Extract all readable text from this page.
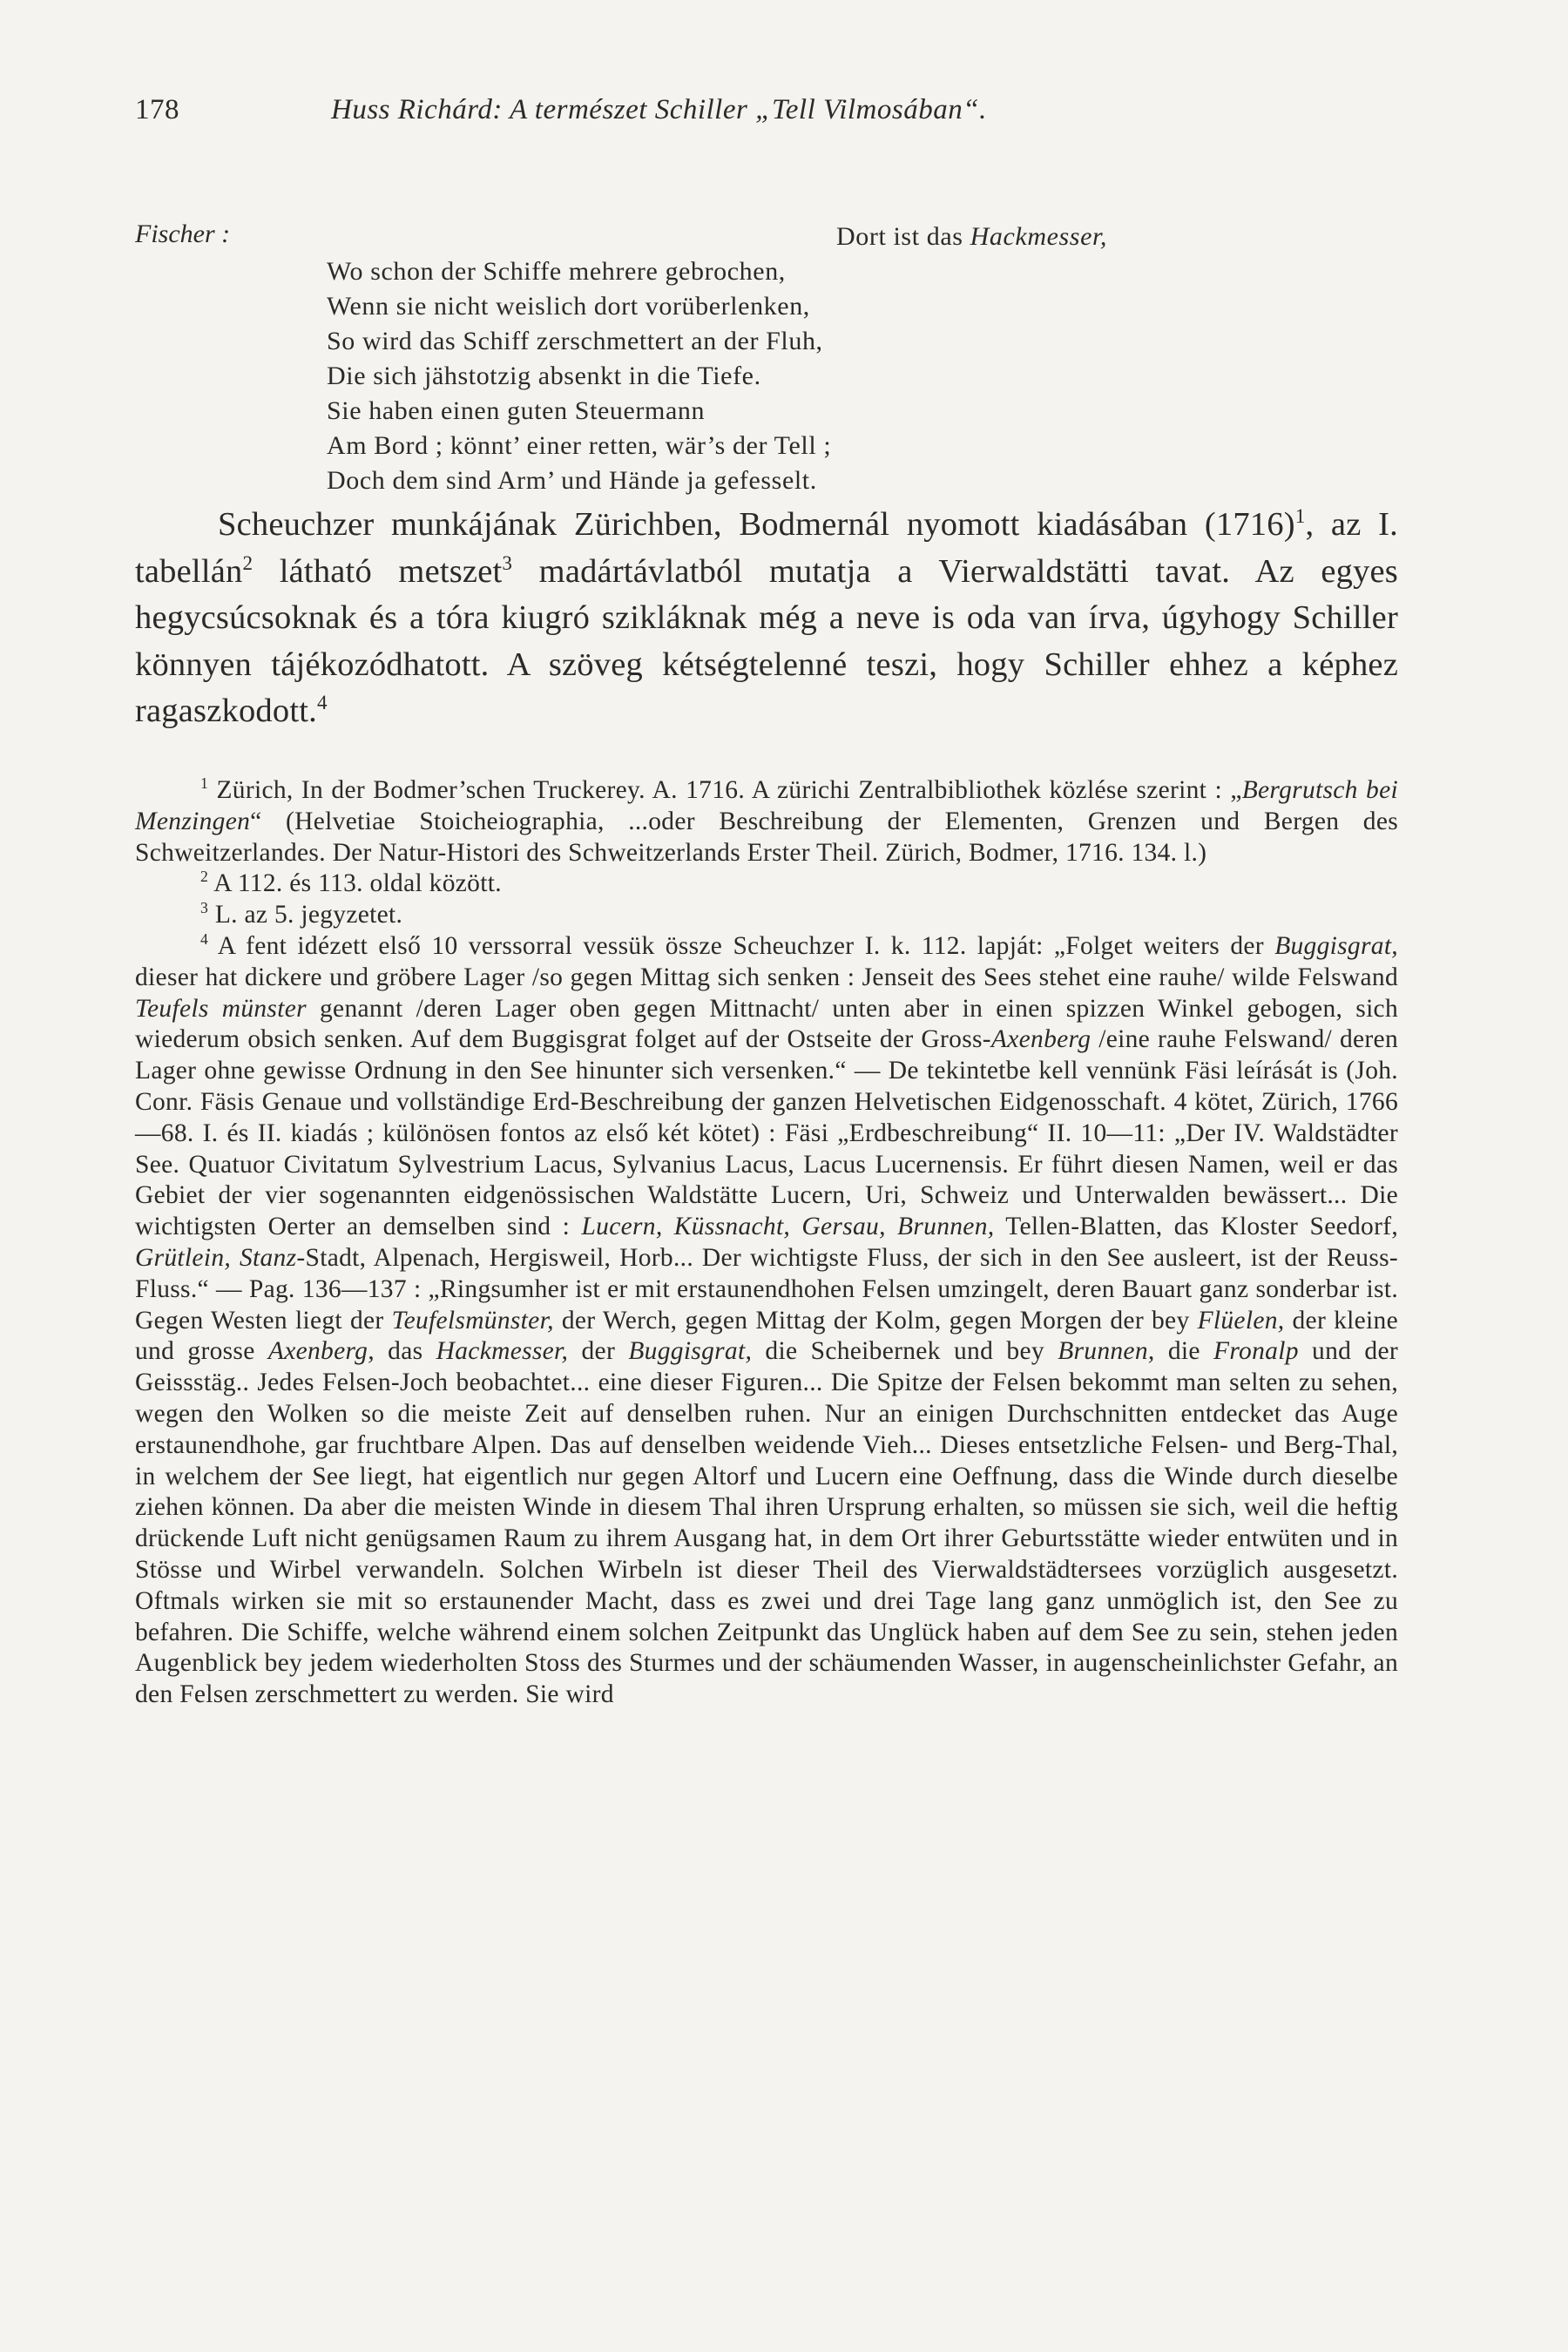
178	Huss Richárd: A természet Schiller „Tell Vilmosában“.
Fischer :	Dort ist das Hackmesser,
Wo schon der Schiffe mehrere gebrochen,
Wenn sie nicht weislich dort vorüberlenken,
So wird das Schiff zerschmettert an der Fluh,
Die sich jähstotzig absenkt in die Tiefe.
Sie haben einen guten Steuermann
Am Bord ; könnt’ einer retten, wär’s der Tell ;
Doch dem sind Arm’ und Hände ja gefesselt.
Scheuchzer munkájának Zürichben, Bodmernál nyomott kiadásában $(1716)^1$, az I. tabellán$^2$ látható metszet$^3$ madártávlatból mutatja a Vierwaldstätti tavat. Az egyes hegycsúcsoknak és a tóra kiugró szikláknak még a neve is oda van írva, úgyhogy Schiller könnyen tájékozódhatott. A szöveg kétségtelenné teszi, hogy Schiller ehhez a képhez ragaszkodott.$^4$

$^1$ Zürich, In der Bodmer’schen Truckerey. A. 1716. A zürichi Zentralbibliothek közlése szerint : „Bergrutsch bei Menzingen“ (Helvetiae Stoicheiographia, ...oder Beschreibung der Elementen, Grenzen und Bergen des Schweitzerlandes. Der Natur-Histori des Schweitzerlands Erster Theil. Zürich, Bodmer, 1716. 134. l.)

$^2$ A 112. és 113. oldal között.

$^3$ L. az 5. jegyzetet.

$^4$ A fent idézett első 10 verssorral vessük össze Scheuchzer I. k. 112. lapját: „Folget weiters der Buggisgrat, dieser hat dickere und gröbere Lager /so gegen Mittag sich senken : Jenseit des Sees stehet eine rauhe/ wilde Felswand Teufels münster genannt /deren Lager oben gegen Mittnacht/ unten aber in einen spizzen Winkel gebogen, sich wiederum obsich senken. Auf dem Buggisgrat folget auf der Ostseite der Gross-Axenberg /eine rauhe Felswand/ deren Lager ohne gewisse Ordnung in den See hinunter sich versenken.“ — De tekintetbe kell vennünk Fäsi leírását is (Joh. Conr. Fäsis Genaue und vollständige Erd-Beschreibung der ganzen Helvetischen Eidgenosschaft. 4 kötet, Zürich, 1766—68. I. és II. kiadás ; különösen fontos az első két kötet) : Fäsi „Erdbeschreibung“ II. 10—11: „Der IV. Waldstädter See. Quatuor Civitatum Sylvestrium Lacus, Sylvanius Lacus, Lacus Lucernensis. Er führt diesen Namen, weil er das Gebiet der vier sogenannten eidgenössischen Waldstätte Lucern, Uri, Schweiz und Unterwalden bewässert... Die wichtigsten Oerter an demselben sind : Lucern, Küssnacht, Gersau, Brunnen, Tellen-Blatten, das Kloster Seedorf, Grütlein, Stanz-Stadt, Alpenach, Hergisweil, Horb... Der wichtigste Fluss, der sich in den See ausleert, ist der Reuss-Fluss.“ — Pag. 136—137 : „Ringsumher ist er mit erstaunendhohen Felsen umzingelt, deren Bauart ganz sonderbar ist. Gegen Westen liegt der Teufelsmünster, der Werch, gegen Mittag der Kolm, gegen Morgen der bey Flüelen, der kleine und grosse Axenberg, das Hackmesser, der Buggisgrat, die Scheibernek und bey Brunnen, die Fronalp und der Geissstäg.. Jedes Felsen-Joch beobachtet... eine dieser Figuren... Die Spitze der Felsen bekommt man selten zu sehen, wegen den Wolken so die meiste Zeit auf denselben ruhen. Nur an einigen Durchschnitten entdecket das Auge erstaunendhohe, gar fruchtbare Alpen. Das auf denselben weidende Vieh... Dieses entsetzliche Felsen- und Berg-Thal, in welchem der See liegt, hat eigentlich nur gegen Altorf und Lucern eine Oeffnung, dass die Winde durch dieselbe ziehen können. Da aber die meisten Winde in diesem Thal ihren Ursprung erhalten, so müssen sie sich, weil die heftig drückende Luft nicht genügsamen Raum zu ihrem Ausgang hat, in dem Ort ihrer Geburtsstätte wieder entwüten und in Stösse und Wirbel verwandeln. Solchen Wirbeln ist dieser Theil des Vierwaldstädtersees vorzüglich ausgesetzt. Oftmals wirken sie mit so erstaunender Macht, dass es zwei und drei Tage lang ganz unmöglich ist, den See zu befahren. Die Schiffe, welche während einem solchen Zeitpunkt das Unglück haben auf dem See zu sein, stehen jeden Augenblick bey jedem wiederholten Stoss des Sturmes und der schäumenden Wasser, in augenscheinlichster Gefahr, an den Felsen zerschmettert zu werden. Sie wird
